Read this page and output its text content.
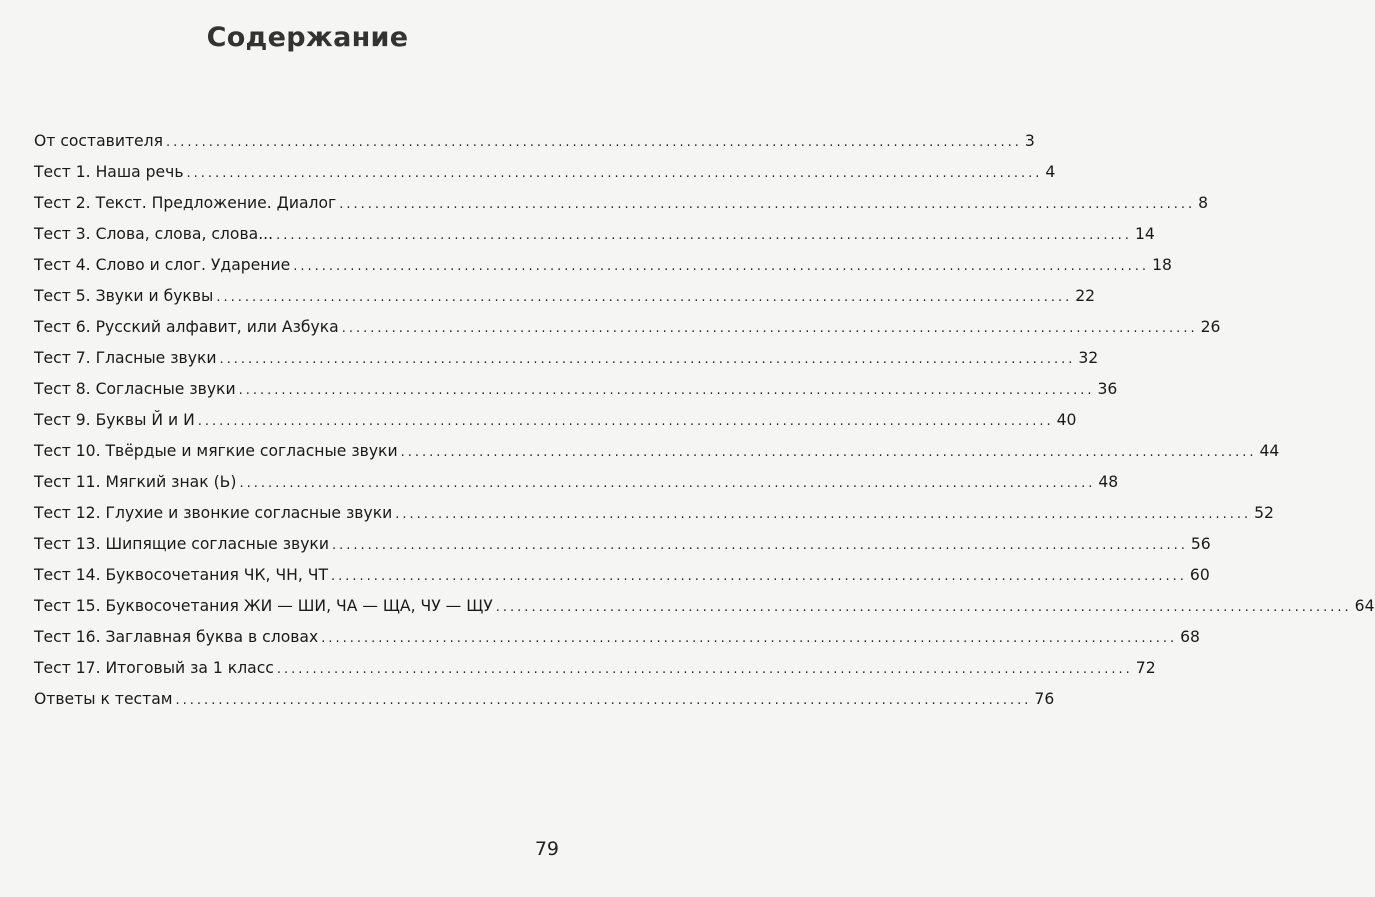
Содержание
От составителя ........................................................................................................................ 3
Тест 1. Наша речь ........................................................................................................................ 4
Тест 2. Текст. Предложение. Диалог ........................................................................................................................ 8
Тест 3. Слова, слова, слова... ........................................................................................................................ 14
Тест 4. Слово и слог. Ударение ........................................................................................................................ 18
Тест 5. Звуки и буквы ........................................................................................................................ 22
Тест 6. Русский алфавит, или Азбука ........................................................................................................................ 26
Тест 7. Гласные звуки ........................................................................................................................ 32
Тест 8. Согласные звуки ........................................................................................................................ 36
Тест 9. Буквы Й и И ........................................................................................................................ 40
Тест 10. Твёрдые и мягкие согласные звуки ........................................................................................................................ 44
Тест 11. Мягкий знак (Ь) ........................................................................................................................ 48
Тест 12. Глухие и звонкие согласные звуки ........................................................................................................................ 52
Тест 13. Шипящие согласные звуки ........................................................................................................................ 56
Тест 14. Буквосочетания ЧК, ЧН, ЧТ ........................................................................................................................ 60
Тест 15. Буквосочетания ЖИ — ШИ, ЧА — ЩА, ЧУ — ЩУ ........................................................................................................................ 64
Тест 16. Заглавная буква в словах ........................................................................................................................ 68
Тест 17. Итоговый за 1 класс ........................................................................................................................ 72
Ответы к тестам ........................................................................................................................ 76
79
